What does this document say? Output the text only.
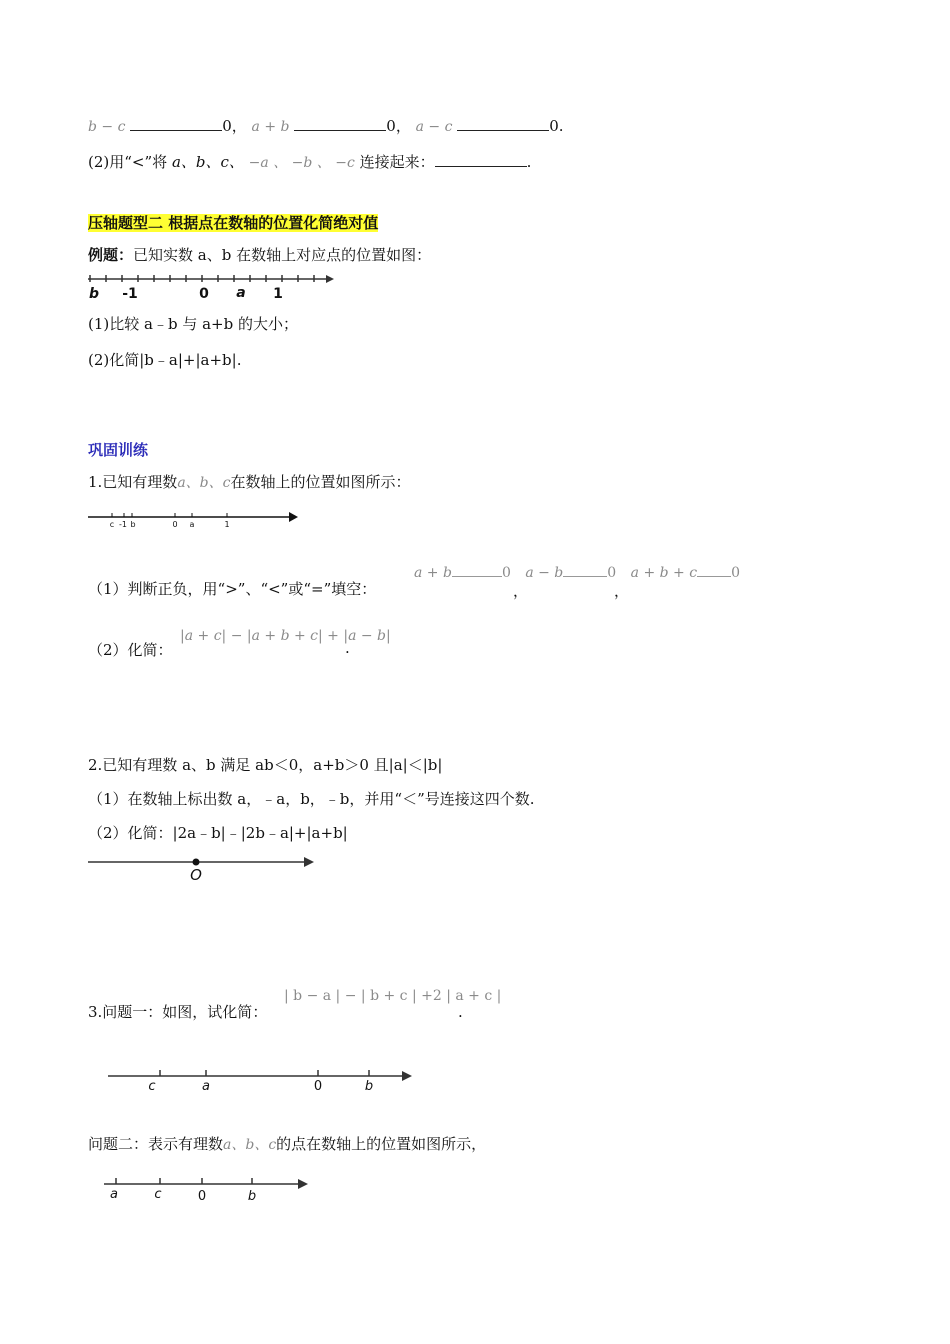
b − c	0， a + b	0， a − c	0.
(2)用“<”将 a、b、c、 −a 、 −b 、 −c 连接起来：	.
压轴题型二 根据点在数轴的位置化简绝对值
例题：已知实数 a、b 在数轴上对应点的位置如图：
b -1	0 a 1
(1)比较 a﹣b 与 a+b 的大小；
(2)化简|b﹣a|+|a+b|.
巩固训练
1.已知有理数a、b、c在数轴上的位置如图所示：
c -1 b	0 a	1
（1）判断正负，用“>”、“<”或“=”填空：
a + b	0 a − b	0 a + b + c 0
，	，
（2）化简：
|a + c| − |a + b + c| + |a − b|
.
2.已知有理数 a、b 满足 ab＜0，a+b＞0 且|a|＜|b|
（1）在数轴上标出数 a，﹣a，b，﹣b，并用“＜”号连接这四个数.
（2）化简：|2a﹣b|﹣|2b﹣a|+|a+b|
O
3.问题一：如图，试化简：
| b − a | − | b + c | +2 | a + c |
.
c	a	0	b
问题二：表示有理数a、b、c的点在数轴上的位置如图所示，
a	c	0	b
